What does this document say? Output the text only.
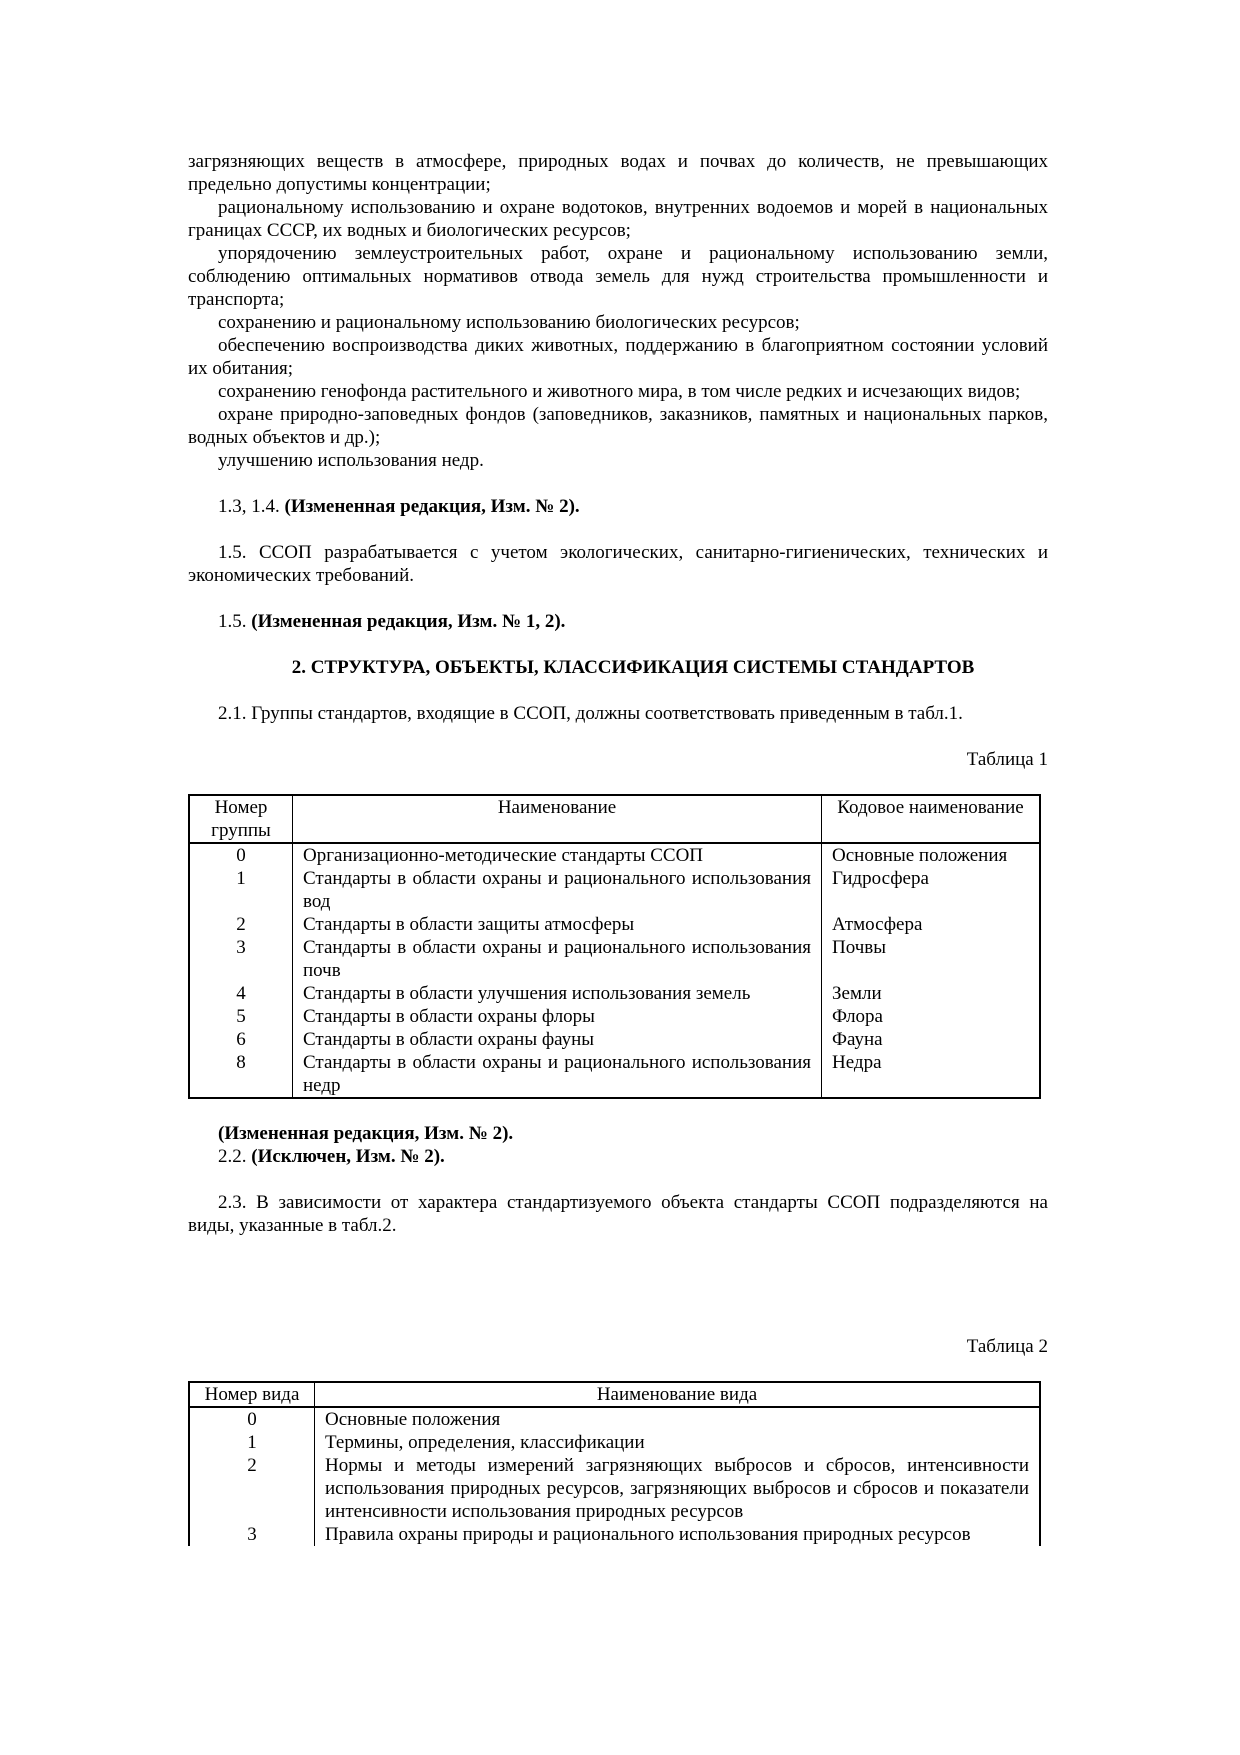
загрязняющих веществ в атмосфере, природных водах и почвах до количеств, не превышающих предельно допустимы концентрации;

рациональному использованию и охране водотоков, внутренних водоемов и морей в национальных границах СССР, их водных и биологических ресурсов;

упорядочению землеустроительных работ, охране и рациональному использованию земли, соблюдению оптимальных нормативов отвода земель для нужд строительства промышленности и транспорта;

сохранению и рациональному использованию биологических ресурсов;

обеспечению воспроизводства диких животных, поддержанию в благоприятном состоянии условий их обитания;

сохранению генофонда растительного и животного мира, в том числе редких и исчезающих видов;

охране природно-заповедных фондов (заповедников, заказников, памятных и национальных парков, водных объектов и др.);

улучшению использования недр.

1.3, 1.4. (Измененная редакция, Изм. № 2).

1.5. ССОП разрабатывается с учетом экологических, санитарно-гигиенических, технических и экономических требований.

1.5. (Измененная редакция, Изм. № 1, 2).

2. СТРУКТУРА, ОБЪЕКТЫ, КЛАССИФИКАЦИЯ СИСТЕМЫ СТАНДАРТОВ

2.1. Группы стандартов, входящие в ССОП, должны соответствовать приведенным в табл.1.

Таблица 1

Номер группы	Наименование	Кодовое наименование
0	Организационно-методические стандарты ССОП	Основные положения
1	Стандарты в области охраны и рационального использования вод	Гидросфера
2	Стандарты в области защиты атмосферы	Атмосфера
3	Стандарты в области охраны и рационального использования почв	Почвы
4	Стандарты в области улучшения использования земель	Земли
5	Стандарты в области охраны флоры	Флора
6	Стандарты в области охраны фауны	Фауна
8	Стандарты в области охраны и рационального использования недр	Недра

(Измененная редакция, Изм. № 2).

2.2. (Исключен, Изм. № 2).

2.3. В зависимости от характера стандартизуемого объекта стандарты ССОП подразделяются на виды, указанные в табл.2.

Таблица 2

Номер вида	Наименование вида
0	Основные положения
1	Термины, определения, классификации
2	Нормы и методы измерений загрязняющих выбросов и сбросов, интенсивности использования природных ресурсов, загрязняющих выбросов и сбросов и показатели интенсивности использования природных ресурсов
3	Правила охраны природы и рационального использования природных ресурсов
